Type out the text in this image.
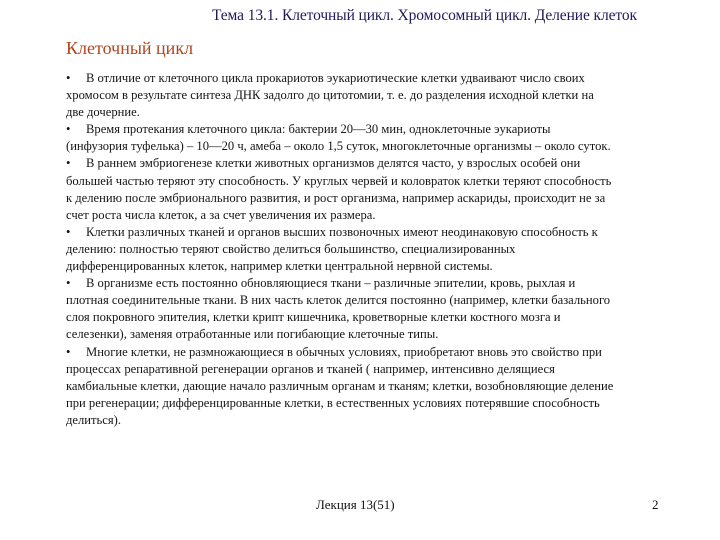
Тема 13.1. Клеточный цикл. Хромосомный цикл. Деление клеток
Клеточный цикл

• В отличие от клеточного цикла прокариотов эукариотические клетки удваивают число своих
хромосом в результате синтеза ДНК задолго до цитотомии, т. е. до разделения исходной клетки на
две дочерние.

• Время протекания клеточного цикла: бактерии 20—30 мин, одноклеточные эукариоты
(инфузория туфелька) – 10—20 ч, амеба – около 1,5 суток, многоклеточные организмы – около суток.

• В раннем эмбриогенезе клетки животных организмов делятся часто, у взрослых особей они
большей частью теряют эту способность. У круглых червей и коловраток клетки теряют способность
к делению после эмбрионального развития, и рост организма, например аскариды, происходит не за
счет роста числа клеток, а за счет увеличения их размера.

• Клетки различных тканей и органов высших позвоночных имеют неодинаковую способность к
делению: полностью теряют свойство делиться большинство, специализированных
дифференцированных клеток, например клетки центральной нервной системы.

• В организме есть постоянно обновляющиеся ткани – различные эпителии, кровь, рыхлая и
плотная соединительные ткани. В них часть клеток делится постоянно (например, клетки базального
слоя покровного эпителия, клетки крипт кишечника, кроветворные клетки костного мозга и
селезенки), заменяя отработанные или погибающие клеточные типы.

• Многие клетки, не размножающиеся в обычных условиях, приобретают вновь это свойство при
процессах репаративной регенерации органов и тканей ( например, интенсивно делящиеся
камбиальные клетки, дающие начало различным органам и тканям; клетки, возобновляющие деление
при регенерации; дифференцированные клетки, в естественных условиях потерявшие способность
делиться).

Лекция 13(51)	2
